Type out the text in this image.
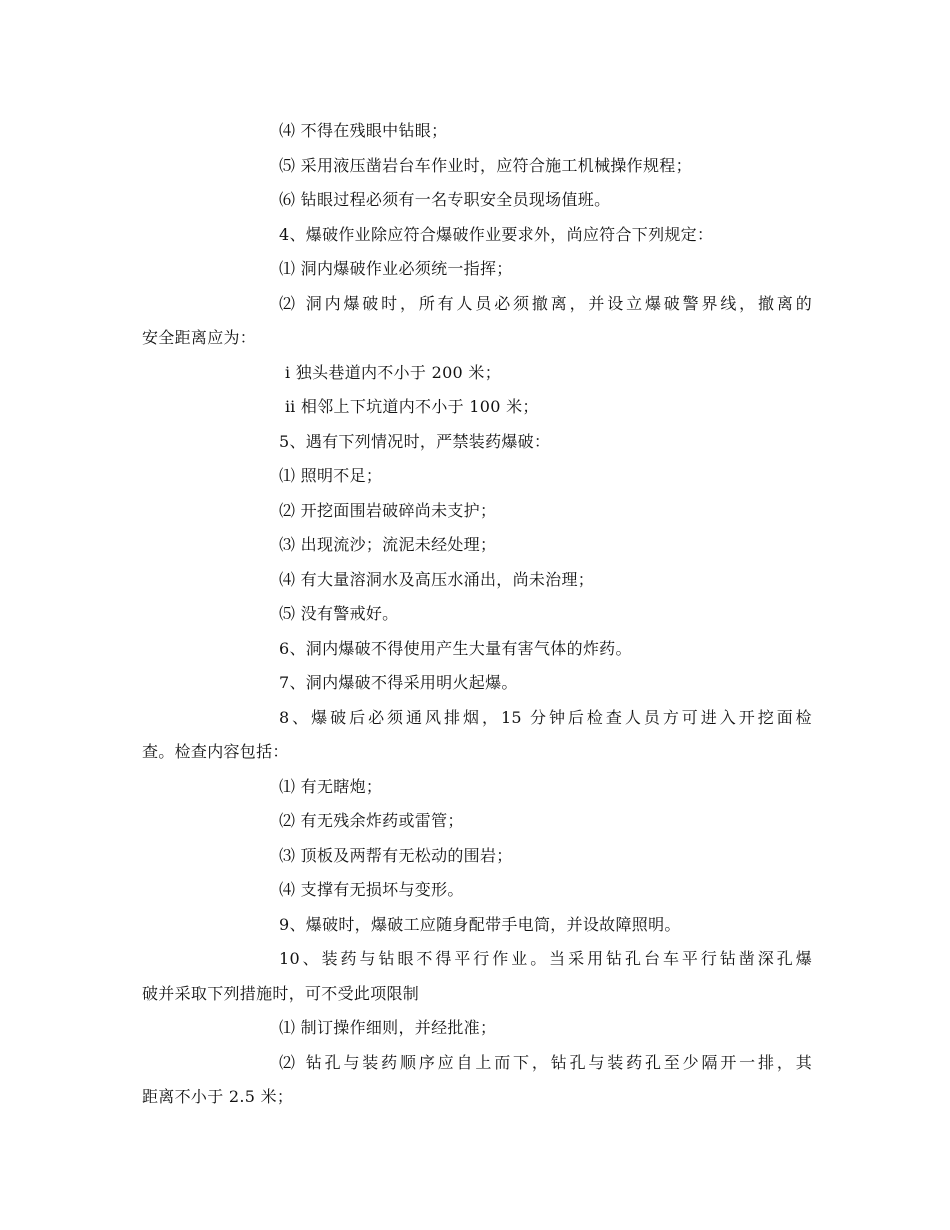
⑷ 不得在残眼中钻眼；
⑸ 采用液压凿岩台车作业时，应符合施工机械操作规程；
⑹ 钻眼过程必须有一名专职安全员现场值班。
4、爆破作业除应符合爆破作业要求外，尚应符合下列规定：
⑴ 洞内爆破作业必须统一指挥；
⑵ 洞内爆破时，所有人员必须撤离，并设立爆破警界线，撤离的
安全距离应为：
ⅰ 独头巷道内不小于 200 米；
ⅱ 相邻上下坑道内不小于 100 米；
5、遇有下列情况时，严禁装药爆破：
⑴ 照明不足；
⑵ 开挖面围岩破碎尚未支护；
⑶ 出现流沙；流泥未经处理；
⑷ 有大量溶洞水及高压水涌出，尚未治理；
⑸ 没有警戒好。
6、洞内爆破不得使用产生大量有害气体的炸药。
7、洞内爆破不得采用明火起爆。
8、爆破后必须通风排烟，15 分钟后检查人员方可进入开挖面检
查。检查内容包括：
⑴ 有无瞎炮；
⑵ 有无残余炸药或雷管；
⑶ 顶板及两帮有无松动的围岩；
⑷ 支撑有无损坏与变形。
9、爆破时，爆破工应随身配带手电筒，并设故障照明。
10、装药与钻眼不得平行作业。当采用钻孔台车平行钻凿深孔爆
破并采取下列措施时，可不受此项限制
⑴ 制订操作细则，并经批准；
⑵ 钻孔与装药顺序应自上而下，钻孔与装药孔至少隔开一排，其
距离不小于 2.5 米；
